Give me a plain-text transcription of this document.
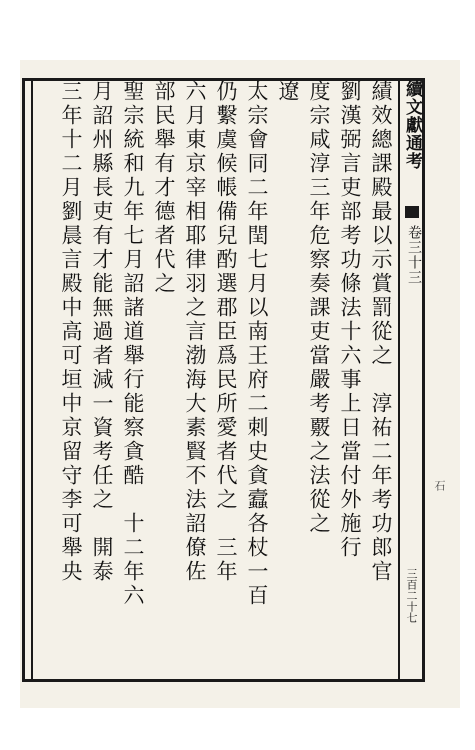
續文獻通考
卷三十三
三百二十七
石
績效總課殿最以示賞罰從之　淳祐二年考功郎官
劉漢弼言吏部考功條法十六事上日當付外施行
度宗咸淳三年危察奏課吏當嚴考覈之法從之
遼
太宗會同二年閏七月以南王府二刺史貪蠧各杖一百
仍繫虞候帳備兒酌選郡臣爲民所愛者代之　三年
六月東京宰相耶律羽之言渤海大素賢不法詔僚佐
部民舉有才德者代之
聖宗統和九年七月詔諸道舉行能察貪酷　十二年六
月詔州縣長吏有才能無過者減一資考任之　開泰
三年十二月劉晨言殿中高可垣中京留守李可舉央
